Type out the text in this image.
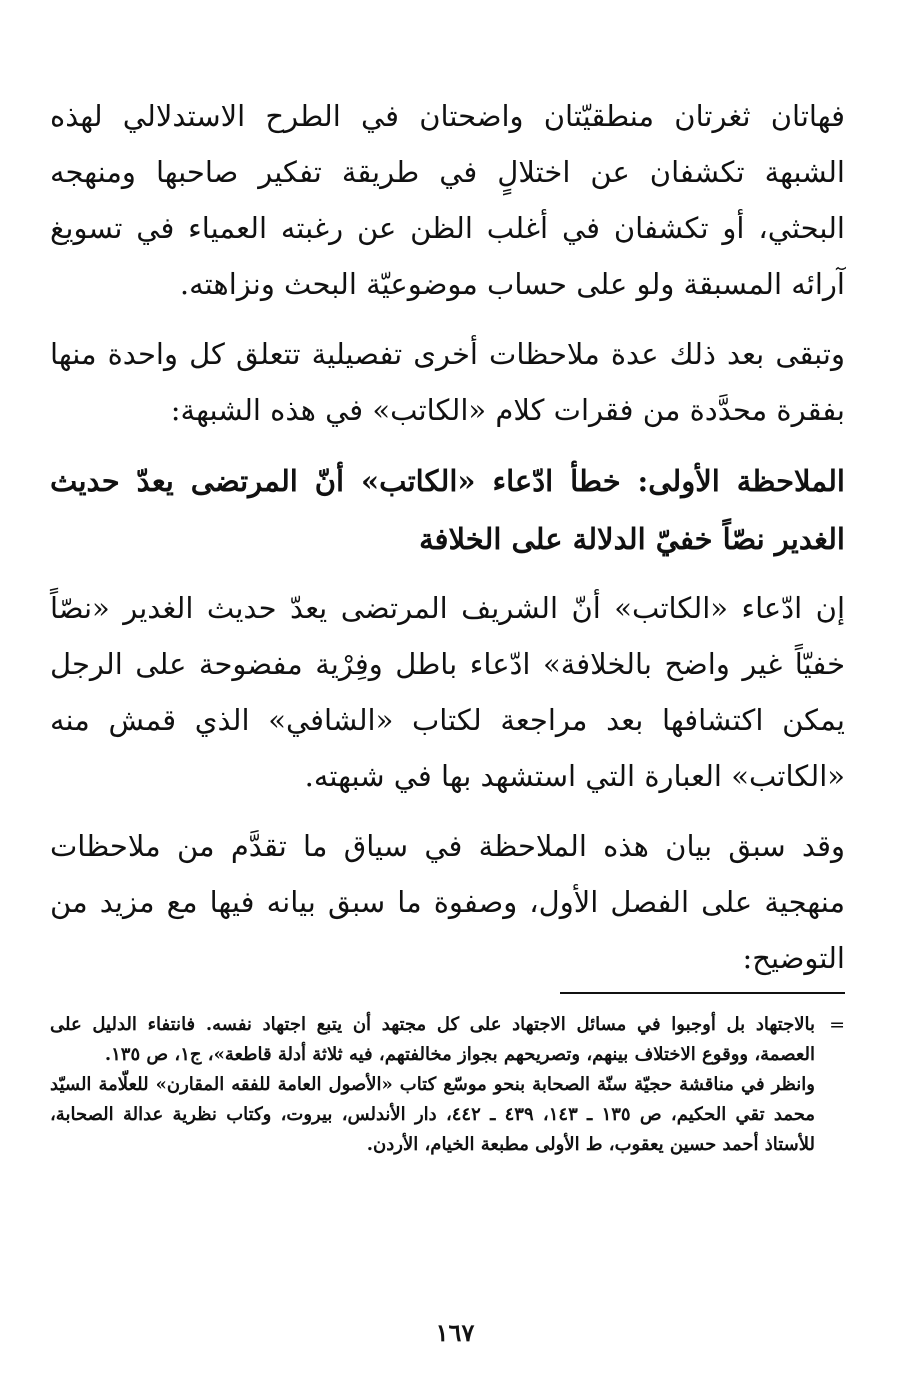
فهاتان ثغرتان منطقيّتان واضحتان في الطرح الاستدلالي لهذه الشبهة تكشفان عن اختلالٍ في طريقة تفكير صاحبها ومنهجه البحثي، أو تكشفان في أغلب الظن عن رغبته العمياء في تسويغ آرائه المسبقة ولو على حساب موضوعيّة البحث ونزاهته.

وتبقى بعد ذلك عدة ملاحظات أخرى تفصيلية تتعلق كل واحدة منها بفقرة محدَّدة من فقرات كلام «الكاتب» في هذه الشبهة:

الملاحظة الأولى: خطأ ادّعاء «الكاتب» أنّ المرتضى يعدّ حديث الغدير نصّاً خفيّ الدلالة على الخلافة

إن ادّعاء «الكاتب» أنّ الشريف المرتضى يعدّ حديث الغدير «نصّاً خفيّاً غير واضح بالخلافة» ادّعاء باطل وفِرْية مفضوحة على الرجل يمكن اكتشافها بعد مراجعة لكتاب «الشافي» الذي قمش منه «الكاتب» العبارة التي استشهد بها في شبهته.

وقد سبق بيان هذه الملاحظة في سياق ما تقدَّم من ملاحظات منهجية على الفصل الأول، وصفوة ما سبق بيانه فيها مع مزيد من التوضيح:

=

بالاجتهاد بل أوجبوا في مسائل الاجتهاد على كل مجتهد أن يتبع اجتهاد نفسه. فانتفاء الدليل على العصمة، ووقوع الاختلاف بينهم، وتصريحهم بجواز مخالفتهم، فيه ثلاثة أدلة قاطعة»، ج١، ص ١٣٥.

وانظر في مناقشة حجيّة سنّة الصحابة بنحو موسّع كتاب «الأصول العامة للفقه المقارن» للعلّامة السيّد محمد تقي الحكيم، ص ١٣٥ ـ ١٤٣، ٤٣٩ ـ ٤٤٢، دار الأندلس، بيروت، وكتاب نظرية عدالة الصحابة، للأستاذ أحمد حسين يعقوب، ط الأولى مطبعة الخيام، الأردن.

١٦٧
